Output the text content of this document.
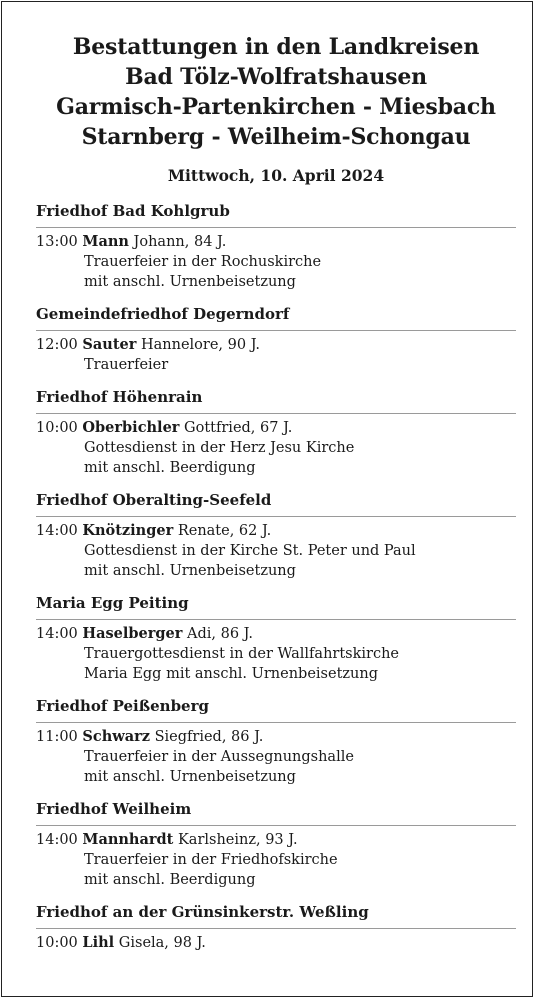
Bestattungen in den Landkreisen
Bad Tölz-Wolfratshausen
Garmisch-Partenkirchen - Miesbach
Starnberg - Weilheim-Schongau
Mittwoch, 10. April 2024
Friedhof Bad Kohlgrub
13:00 Mann Johann, 84 J.
Trauerfeier in der Rochuskirche
mit anschl. Urnenbeisetzung
Gemeindefriedhof Degerndorf
12:00 Sauter Hannelore, 90 J.
Trauerfeier
Friedhof Höhenrain
10:00 Oberbichler Gottfried, 67 J.
Gottesdienst in der Herz Jesu Kirche
mit anschl. Beerdigung
Friedhof Oberalting-Seefeld
14:00 Knötzinger Renate, 62 J.
Gottesdienst in der Kirche St. Peter und Paul
mit anschl. Urnenbeisetzung
Maria Egg Peiting
14:00 Haselberger Adi, 86 J.
Trauergottesdienst in der Wallfahrtskirche
Maria Egg mit anschl. Urnenbeisetzung
Friedhof Peißenberg
11:00 Schwarz Siegfried, 86 J.
Trauerfeier in der Aussegnungshalle
mit anschl. Urnenbeisetzung
Friedhof Weilheim
14:00 Mannhardt Karlsheinz, 93 J.
Trauerfeier in der Friedhofskirche
mit anschl. Beerdigung
Friedhof an der Grünsinkerstr. Weßling
10:00 Lihl Gisela, 98 J.
